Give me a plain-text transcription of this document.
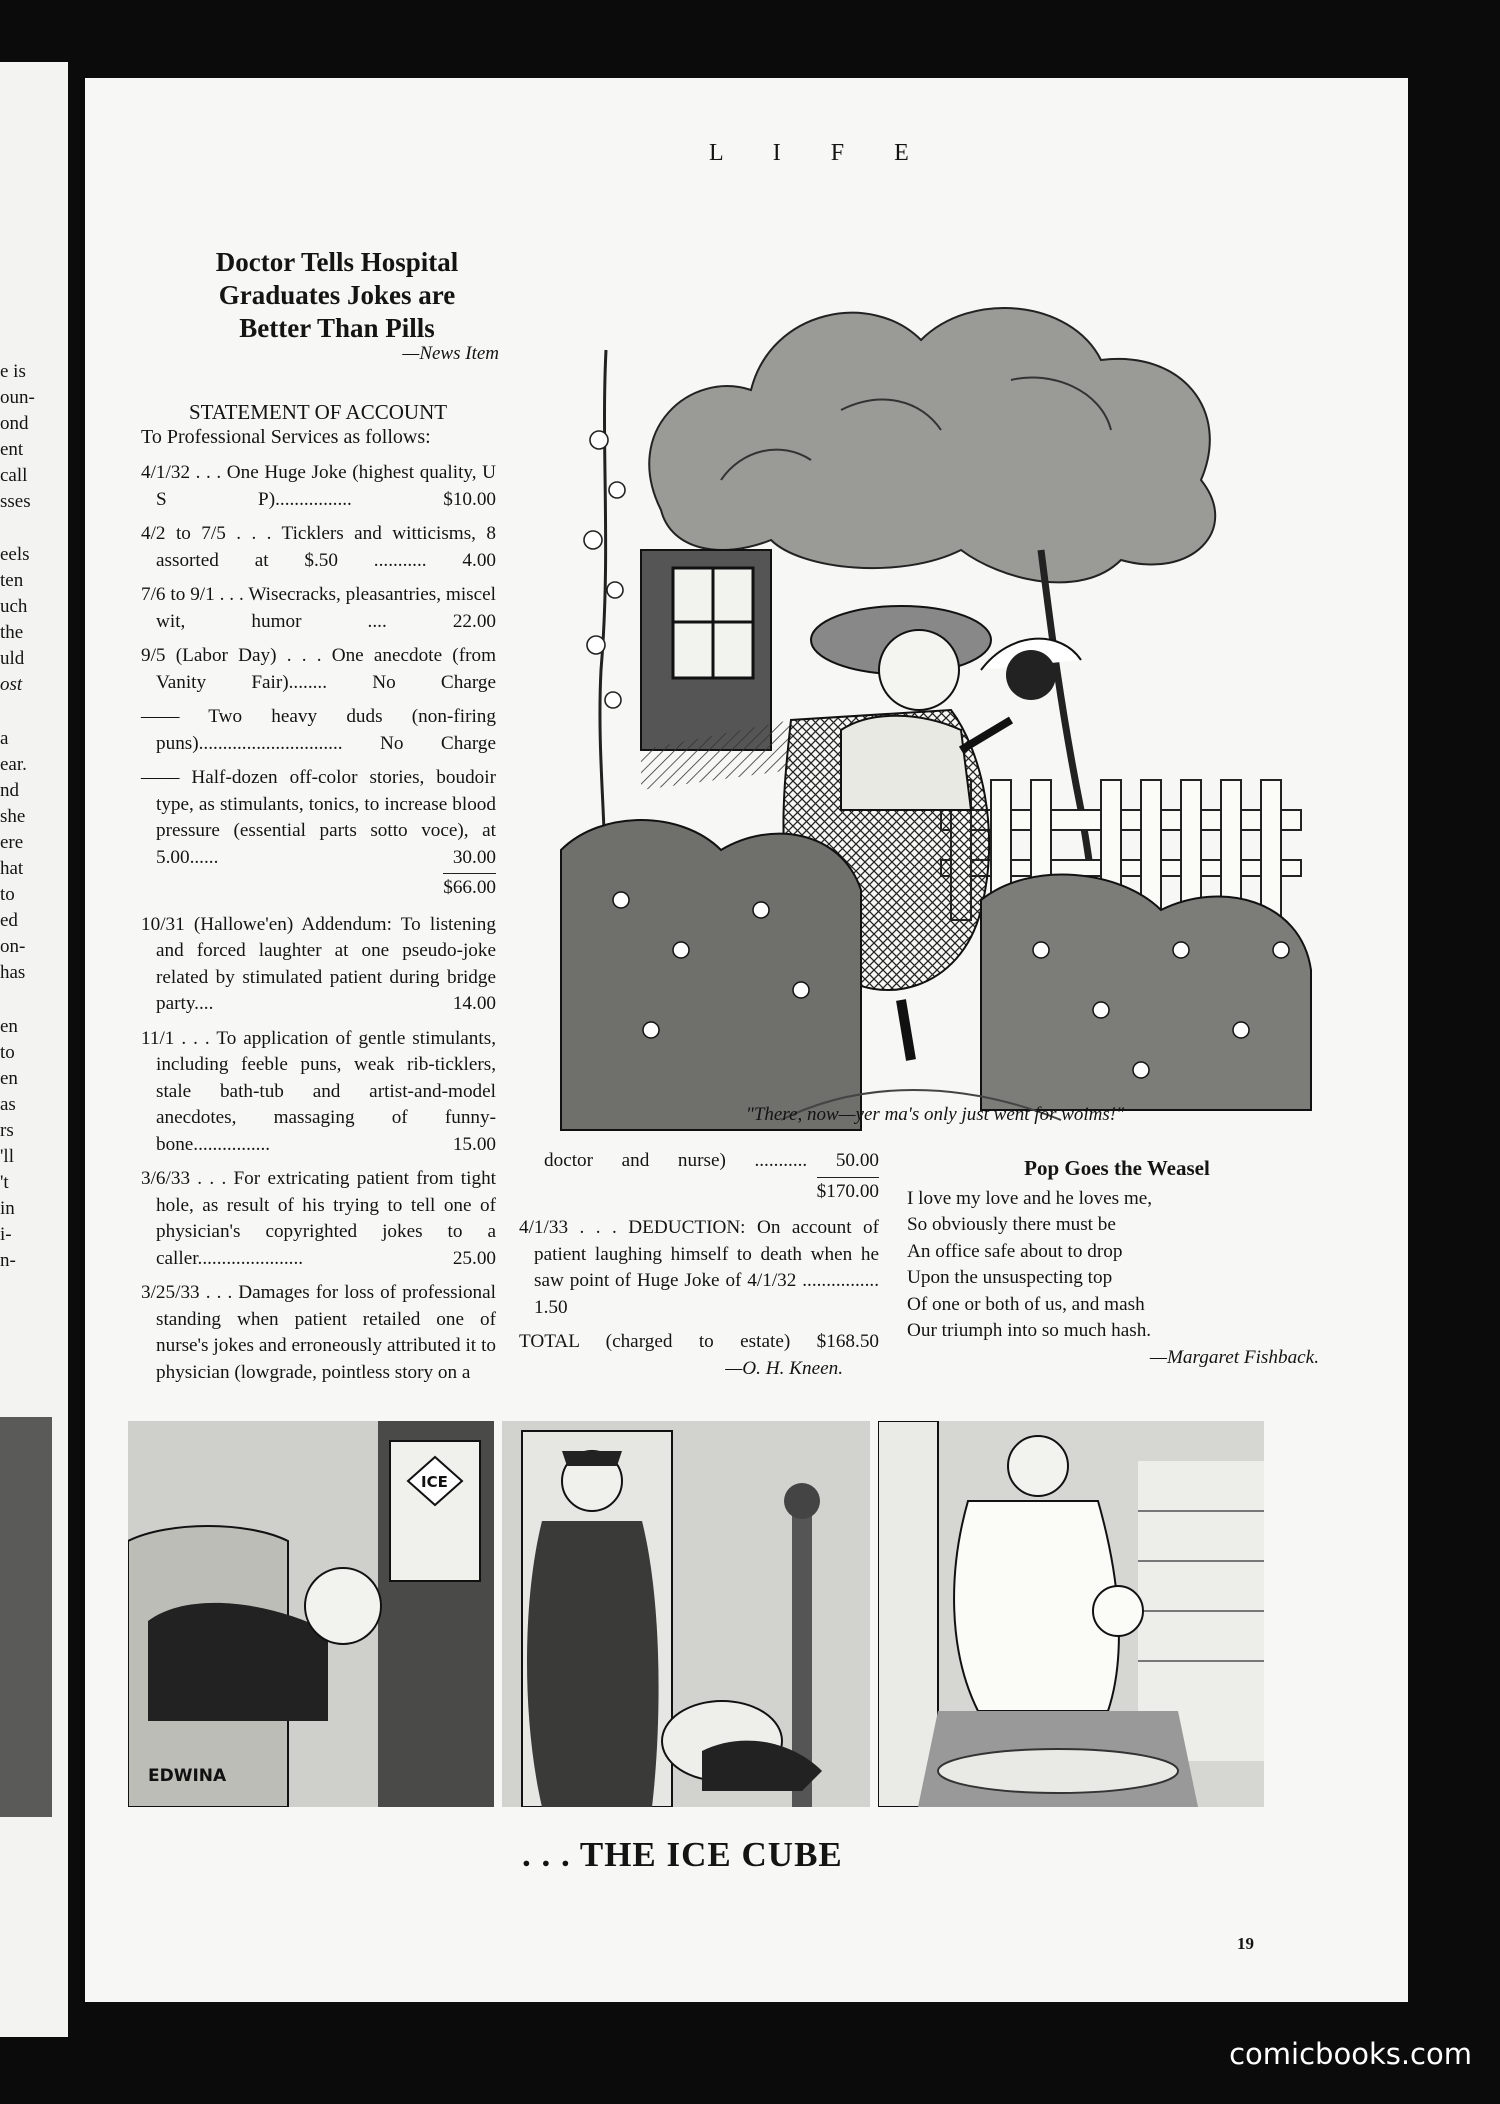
e is
oun-
ond
ent
call
sses
eels
ten
uch
the
uld
ost
a
ear.
nd
she
ere
hat
to
ed
on-
has
en
to
en
as
rs
'll
't
in
i-
n-
L I F E
Doctor Tells Hospital
Graduates Jokes are
Better Than Pills
—News Item
STATEMENT OF ACCOUNT
To Professional Services as follows:
4/1/32 . . . One Huge Joke (highest quality, U S P)................	$10.00
4/2 to 7/5 . . . Ticklers and witticisms, 8 assorted at $.50 ........... 4.00
7/6 to 9/1 . . . Wisecracks, pleasantries, miscel wit, humor ....	22.00
9/5 (Labor Day) . . . One anecdote (from Vanity Fair)........ No Charge
—— Two heavy duds (non-firing puns).............................. No Charge
—— Half-dozen off-color stories, boudoir type, as stimulants, tonics, to increase blood pressure (essential parts sotto voce), at 5.00......	30.00
$66.00
10/31 (Hallowe'en) Addendum: To listening and forced laughter at one pseudo-joke related by stimulated patient during bridge party....	14.00
11/1 . . . To application of gentle stimulants, including feeble puns, weak rib-ticklers, stale bath-tub and artist-and-model anecdotes, massaging of funny-bone................	15.00
3/6/33 . . . For extricating patient from tight hole, as result of his trying to tell one of physician's copyrighted jokes to a caller......................	25.00
3/25/33 . . . Damages for loss of professional standing when patient retailed one of nurse's jokes and erroneously attributed it to physician (lowgrade, pointless story on a
doctor and nurse) ........... 50.00
$170.00
4/1/33 . . . DEDUCTION: On account of patient laughing himself to death when he saw point of Huge Joke of 4/1/32 ................ 1.50
TOTAL (charged to estate) $168.50
—O. H. Kneen.
Pop Goes the Weasel
I love my love and he loves me,
So obviously there must be
An office safe about to drop
Upon the unsuspecting top
Of one or both of us, and mash
Our triumph into so much hash.
—Margaret Fishback.
"There, now—yer ma's only just went for woims!"
EDWINA
ICE
. . . THE ICE CUBE
19
comicbooks.com
